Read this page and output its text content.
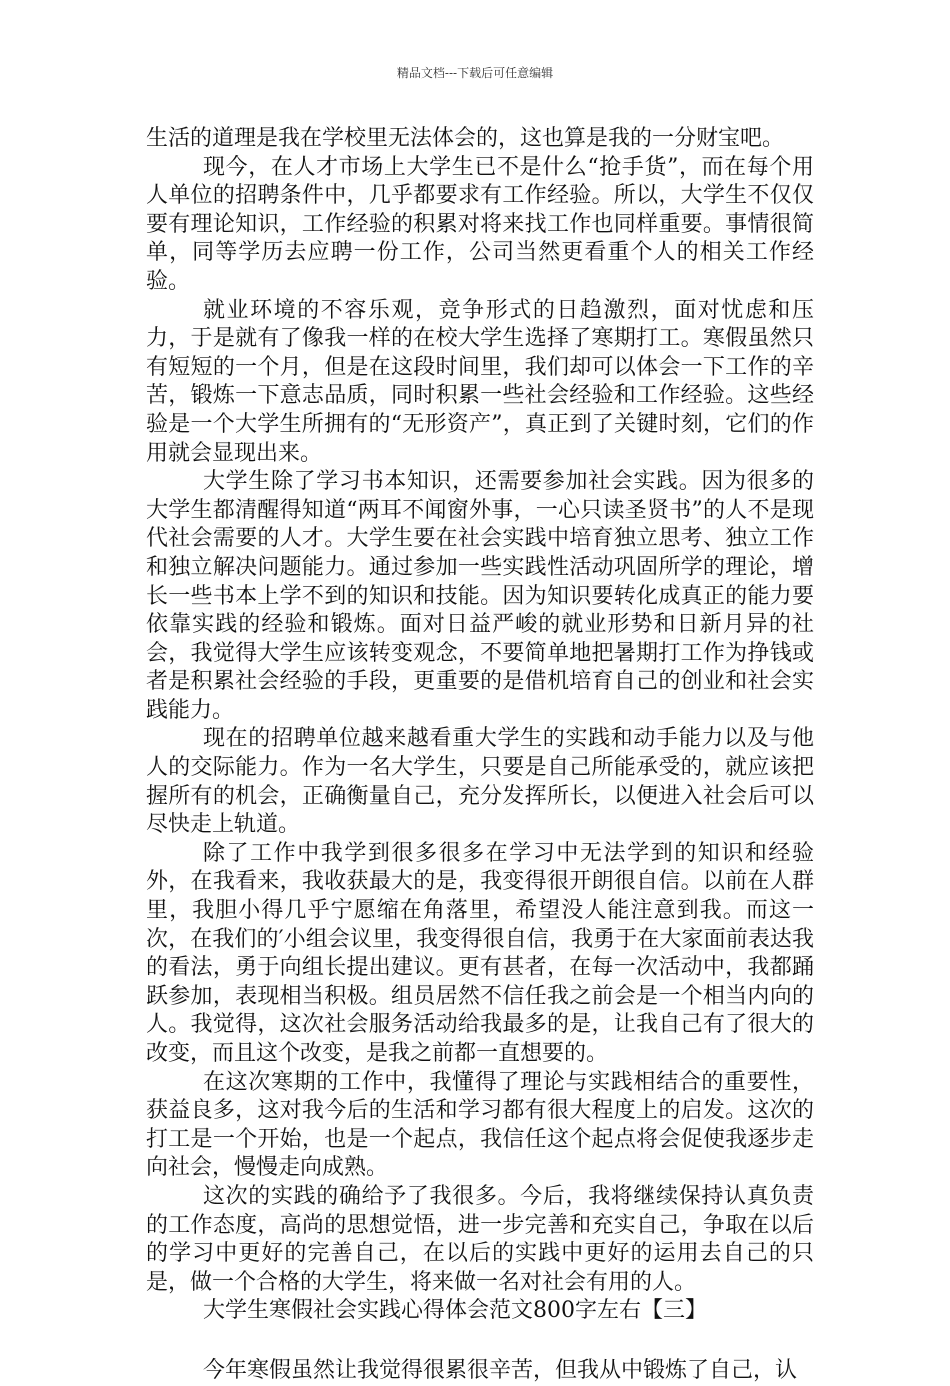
精品文档---下载后可任意编辑

生活的道理是我在学校里无法体会的，这也算是我的一分财宝吧。

现今，在人才市场上大学生已不是什么“抢手货”，而在每个用人单位的招聘条件中，几乎都要求有工作经验。所以，大学生不仅仅要有理论知识，工作经验的积累对将来找工作也同样重要。事情很简单，同等学历去应聘一份工作，公司当然更看重个人的相关工作经验。

就业环境的不容乐观，竞争形式的日趋激烈，面对忧虑和压力，于是就有了像我一样的在校大学生选择了寒期打工。寒假虽然只有短短的一个月，但是在这段时间里，我们却可以体会一下工作的辛苦，锻炼一下意志品质，同时积累一些社会经验和工作经验。这些经验是一个大学生所拥有的“无形资产”，真正到了关键时刻，它们的作用就会显现出来。

大学生除了学习书本知识，还需要参加社会实践。因为很多的大学生都清醒得知道“两耳不闻窗外事，一心只读圣贤书”的人不是现代社会需要的人才。大学生要在社会实践中培育独立思考、独立工作和独立解决问题能力。通过参加一些实践性活动巩固所学的理论，增长一些书本上学不到的知识和技能。因为知识要转化成真正的能力要依靠实践的经验和锻炼。面对日益严峻的就业形势和日新月异的社会，我觉得大学生应该转变观念，不要简单地把暑期打工作为挣钱或者是积累社会经验的手段，更重要的是借机培育自己的创业和社会实践能力。

现在的招聘单位越来越看重大学生的实践和动手能力以及与他人的交际能力。作为一名大学生，只要是自己所能承受的，就应该把握所有的机会，正确衡量自己，充分发挥所长，以便进入社会后可以尽快走上轨道。

除了工作中我学到很多很多在学习中无法学到的知识和经验外，在我看来，我收获最大的是，我变得很开朗很自信。以前在人群里，我胆小得几乎宁愿缩在角落里，希望没人能注意到我。而这一次，在我们的′小组会议里，我变得很自信，我勇于在大家面前表达我的看法，勇于向组长提出建议。更有甚者，在每一次活动中，我都踊跃参加，表现相当积极。组员居然不信任我之前会是一个相当内向的人。我觉得，这次社会服务活动给我最多的是，让我自己有了很大的改变，而且这个改变，是我之前都一直想要的。

在这次寒期的工作中，我懂得了理论与实践相结合的重要性，获益良多，这对我今后的生活和学习都有很大程度上的启发。这次的打工是一个开始，也是一个起点，我信任这个起点将会促使我逐步走向社会，慢慢走向成熟。

这次的实践的确给予了我很多。今后，我将继续保持认真负责的工作态度，高尚的思想觉悟，进一步完善和充实自己，争取在以后的学习中更好的完善自己，在以后的实践中更好的运用去自己的只是，做一个合格的大学生，将来做一名对社会有用的人。

大学生寒假社会实践心得体会范文800字左右【三】

今年寒假虽然让我觉得很累很辛苦，但我从中锻炼了自己，认
